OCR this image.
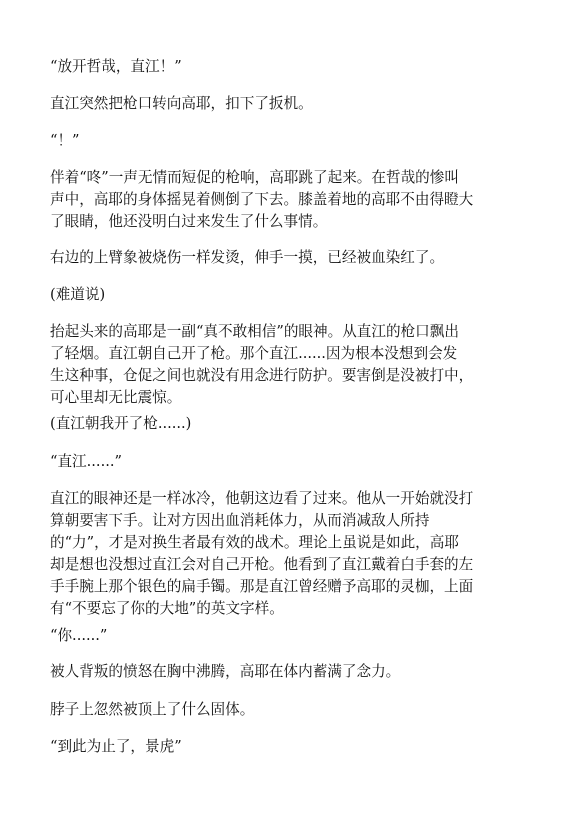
“放开哲哉，直江！”

直江突然把枪口转向高耶，扣下了扳机。

“！”

伴着“咚”一声无情而短促的枪响，高耶跳了起来。在哲哉的惨叫
声中，高耶的身体摇晃着侧倒了下去。膝盖着地的高耶不由得瞪大
了眼睛，他还没明白过来发生了什么事情。

右边的上臂象被烧伤一样发烫，伸手一摸，已经被血染红了。

(难道说)

抬起头来的高耶是一副“真不敢相信”的眼神。从直江的枪口飘出
了轻烟。直江朝自己开了枪。那个直江......因为根本没想到会发
生这种事，仓促之间也就没有用念进行防护。要害倒是没被打中，
可心里却无比震惊。

(直江朝我开了枪......)

“直江......”

直江的眼神还是一样冰冷，他朝这边看了过来。他从一开始就没打
算朝要害下手。让对方因出血消耗体力，从而消减敌人所持
的“力”，才是对换生者最有效的战术。理论上虽说是如此，高耶
却是想也没想过直江会对自己开枪。他看到了直江戴着白手套的左
手手腕上那个银色的扁手镯。那是直江曾经赠予高耶的灵枷，上面
有“不要忘了你的大地”的英文字样。

“你......”

被人背叛的愤怒在胸中沸腾，高耶在体内蓄满了念力。

脖子上忽然被顶上了什么固体。

“到此为止了，景虎”
